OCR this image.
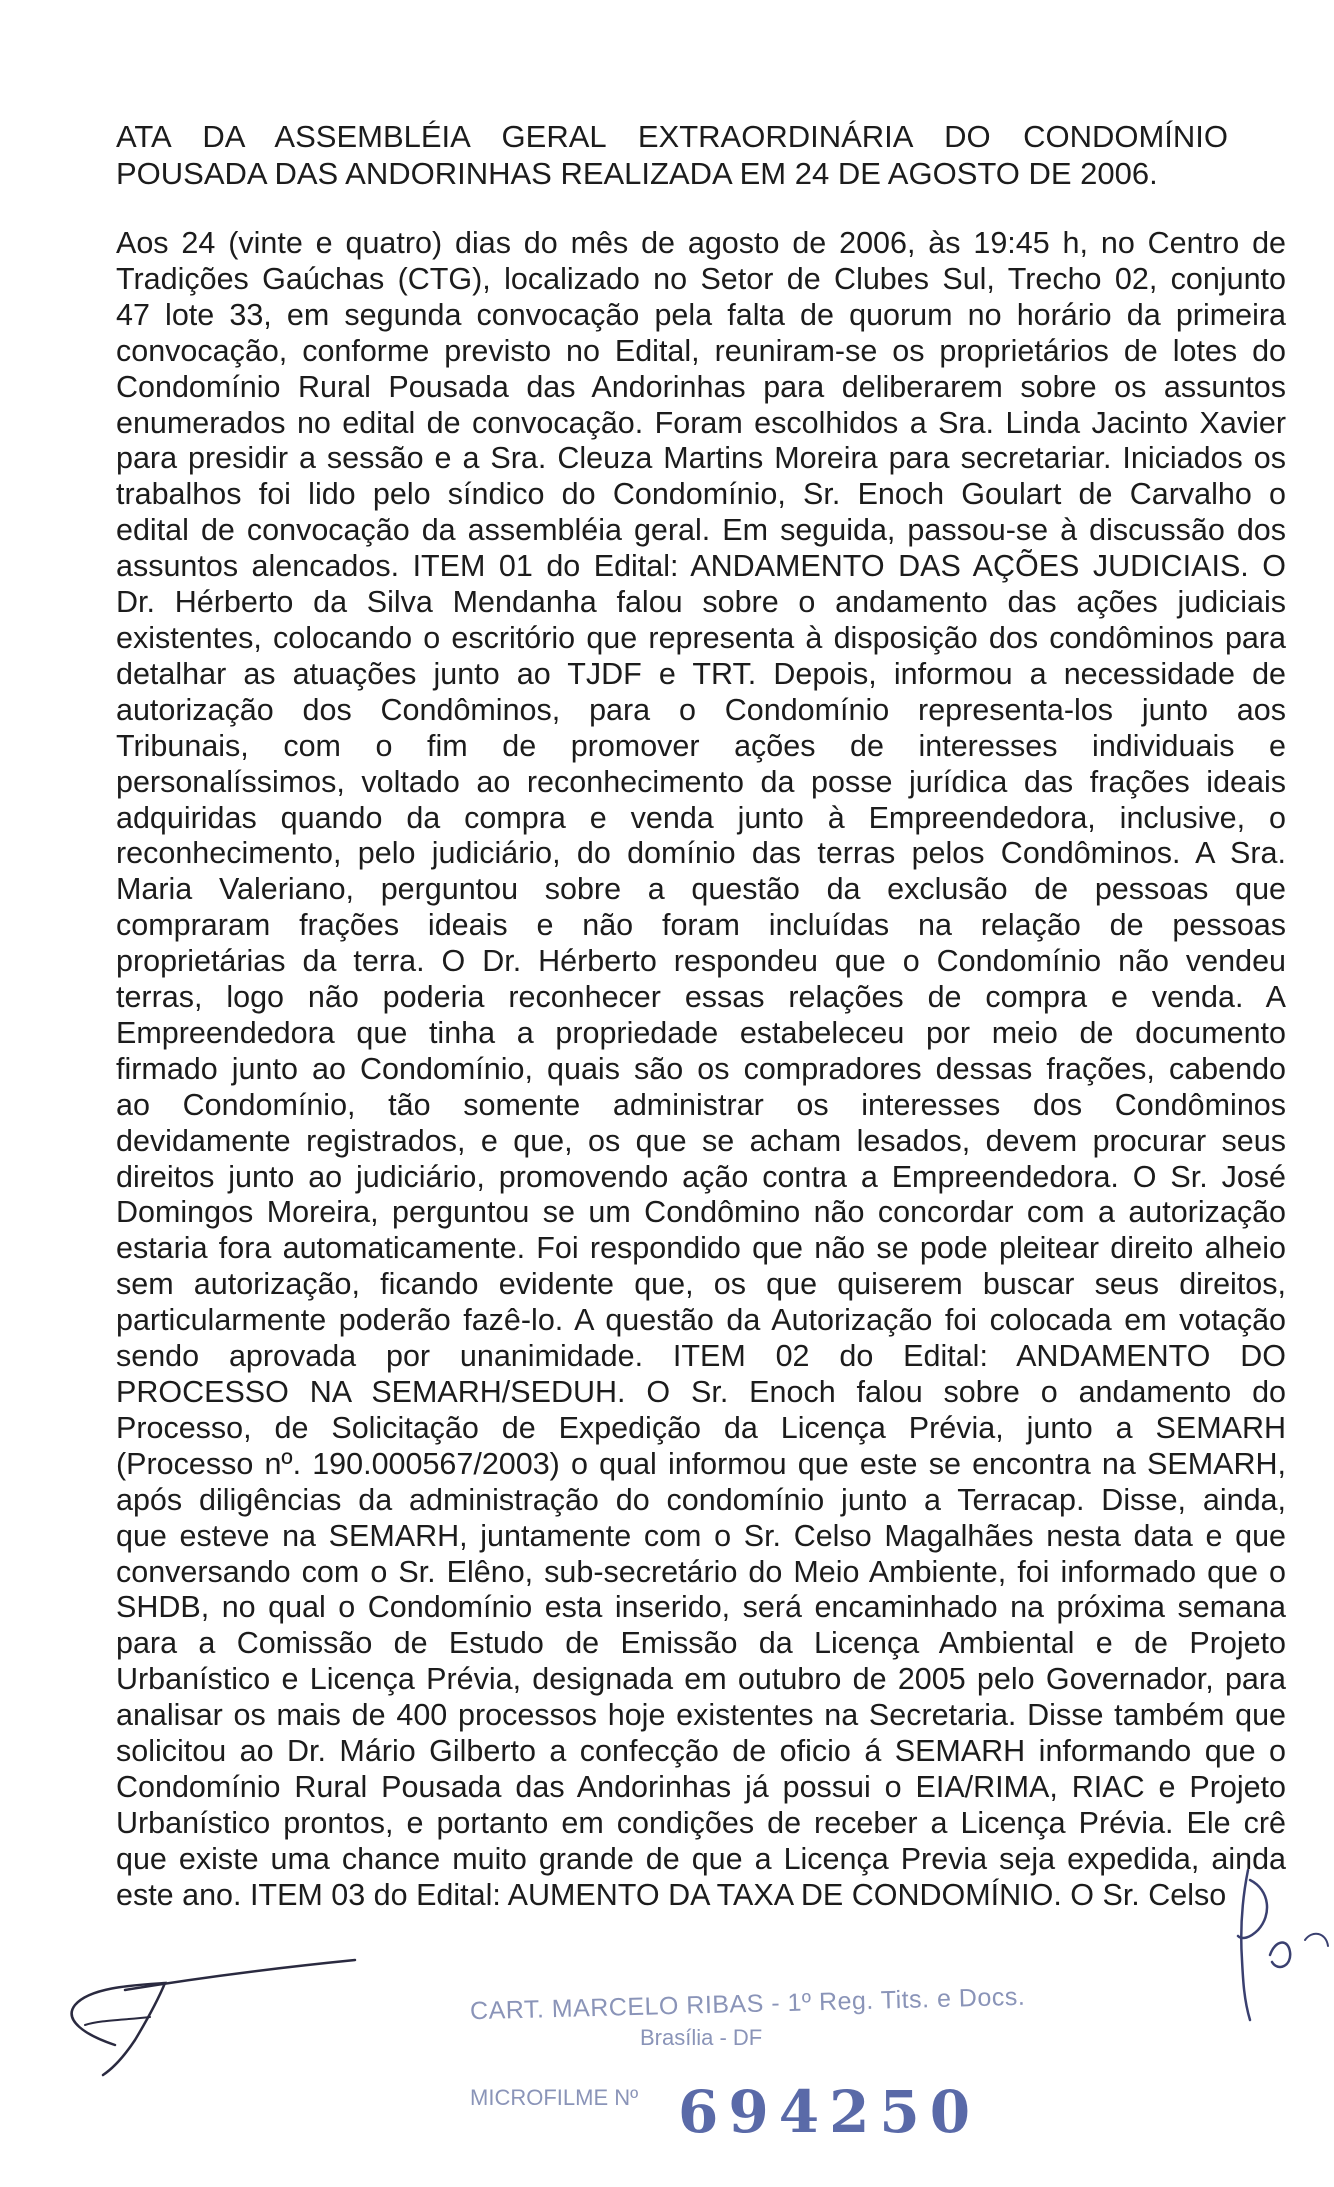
ATA DA ASSEMBLÉIA GERAL EXTRAORDINÁRIA DO CONDOMÍNIO
POUSADA DAS ANDORINHAS REALIZADA EM 24 DE AGOSTO DE 2006.
Aos 24 (vinte e quatro) dias do mês de agosto de 2006, às 19:45 h, no Centro de
Tradições Gaúchas (CTG), localizado no Setor de Clubes Sul, Trecho 02, conjunto
47 lote 33, em segunda convocação pela falta de quorum no horário da primeira
convocação, conforme previsto no Edital, reuniram-se os proprietários de lotes do
Condomínio Rural Pousada das Andorinhas para deliberarem sobre os assuntos
enumerados no edital de convocação. Foram escolhidos a Sra. Linda Jacinto Xavier
para presidir a sessão e a Sra. Cleuza Martins Moreira para secretariar. Iniciados os
trabalhos foi lido pelo síndico do Condomínio, Sr. Enoch Goulart de Carvalho o
edital de convocação da assembléia geral. Em seguida, passou-se à discussão dos
assuntos alencados. ITEM 01 do Edital: ANDAMENTO DAS AÇÕES JUDICIAIS. O
Dr. Hérberto da Silva Mendanha falou sobre o andamento das ações judiciais
existentes, colocando o escritório que representa à disposição dos condôminos para
detalhar as atuações junto ao TJDF e TRT. Depois, informou a necessidade de
autorização dos Condôminos, para o Condomínio representa-los junto aos
Tribunais, com o fim de promover ações de interesses individuais e
personalíssimos, voltado ao reconhecimento da posse jurídica das frações ideais
adquiridas quando da compra e venda junto à Empreendedora, inclusive, o
reconhecimento, pelo judiciário, do domínio das terras pelos Condôminos. A Sra.
Maria Valeriano, perguntou sobre a questão da exclusão de pessoas que
compraram frações ideais e não foram incluídas na relação de pessoas
proprietárias da terra. O Dr. Hérberto respondeu que o Condomínio não vendeu
terras, logo não poderia reconhecer essas relações de compra e venda. A
Empreendedora que tinha a propriedade estabeleceu por meio de documento
firmado junto ao Condomínio, quais são os compradores dessas frações, cabendo
ao Condomínio, tão somente administrar os interesses dos Condôminos
devidamente registrados, e que, os que se acham lesados, devem procurar seus
direitos junto ao judiciário, promovendo ação contra a Empreendedora. O Sr. José
Domingos Moreira, perguntou se um Condômino não concordar com a autorização
estaria fora automaticamente. Foi respondido que não se pode pleitear direito alheio
sem autorização, ficando evidente que, os que quiserem buscar seus direitos,
particularmente poderão fazê-lo. A questão da Autorização foi colocada em votação
sendo aprovada por unanimidade. ITEM 02 do Edital: ANDAMENTO DO
PROCESSO NA SEMARH/SEDUH. O Sr. Enoch falou sobre o andamento do
Processo, de Solicitação de Expedição da Licença Prévia, junto a SEMARH
(Processo nº. 190.000567/2003) o qual informou que este se encontra na SEMARH,
após diligências da administração do condomínio junto a Terracap. Disse, ainda,
que esteve na SEMARH, juntamente com o Sr. Celso Magalhães nesta data e que
conversando com o Sr. Elêno, sub-secretário do Meio Ambiente, foi informado que o
SHDB, no qual o Condomínio esta inserido, será encaminhado na próxima semana
para a Comissão de Estudo de Emissão da Licença Ambiental e de Projeto
Urbanístico e Licença Prévia, designada em outubro de 2005 pelo Governador, para
analisar os mais de 400 processos hoje existentes na Secretaria. Disse também que
solicitou ao Dr. Mário Gilberto a confecção de oficio á SEMARH informando que o
Condomínio Rural Pousada das Andorinhas já possui o EIA/RIMA, RIAC e Projeto
Urbanístico prontos, e portanto em condições de receber a Licença Prévia. Ele crê
que existe uma chance muito grande de que a Licença Previa seja expedida, ainda
este ano. ITEM 03 do Edital: AUMENTO DA TAXA DE CONDOMÍNIO. O Sr. Celso
CART. MARCELO RIBAS - 1º Reg. Tits. e Docs.
Brasília - DF
MICROFILME Nº 694250
